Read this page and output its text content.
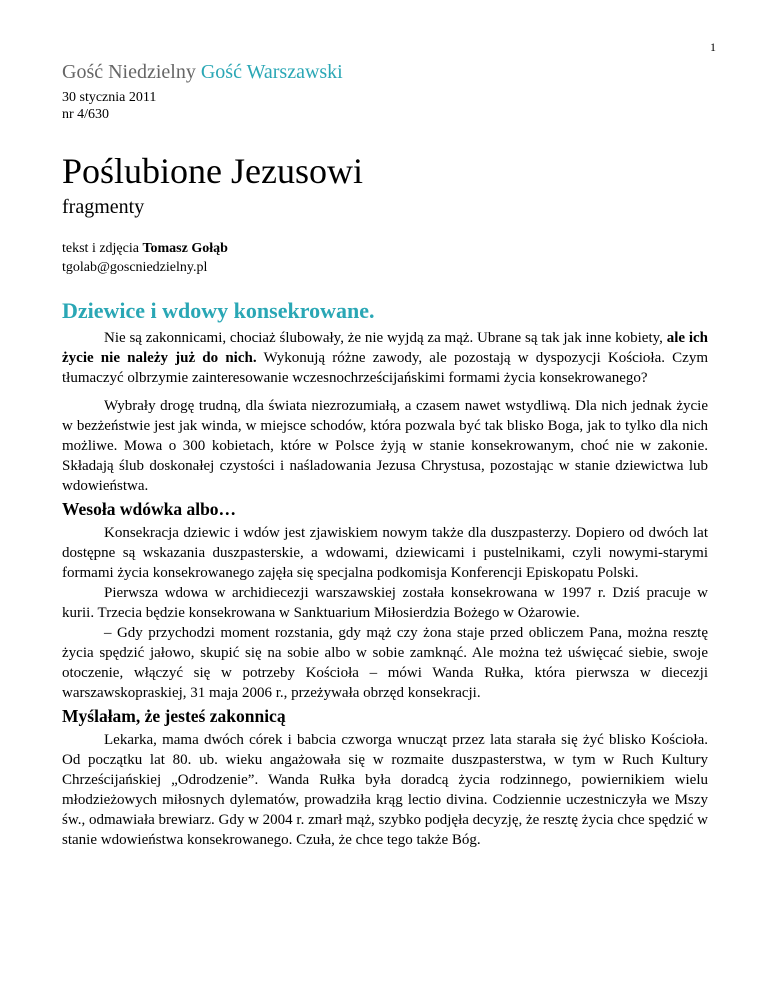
1
Gość Niedzielny Gość Warszawski
30 stycznia 2011
nr 4/630
Poślubione Jezusowi
fragmenty
tekst i zdjęcia Tomasz Gołąb
tgolab@goscniedzielny.pl
Dziewice i wdowy konsekrowane.

Nie są zakonnicami, chociaż ślubowały, że nie wyjdą za mąż. Ubrane są tak jak inne kobiety, ale ich życie nie należy już do nich. Wykonują różne zawody, ale pozostają w dyspozycji Kościoła. Czym tłumaczyć olbrzymie zainteresowanie wczesnochrześcijańskimi formami życia konsekrowanego?

Wybrały drogę trudną, dla świata niezrozumiałą, a czasem nawet wstydliwą. Dla nich jednak życie w bezżeństwie jest jak winda, w miejsce schodów, która pozwala być tak blisko Boga, jak to tylko dla nich możliwe. Mowa o 300 kobietach, które w Polsce żyją w stanie konsekrowanym, choć nie w zakonie. Składają ślub doskonałej czystości i naśladowania Jezusa Chrystusa, pozostając w stanie dziewictwa lub wdowieństwa.

Wesoła wdówka albo…

Konsekracja dziewic i wdów jest zjawiskiem nowym także dla duszpasterzy. Dopiero od dwóch lat dostępne są wskazania duszpasterskie, a wdowami, dziewicami i pustelnikami, czyli nowymi-starymi formami życia konsekrowanego zajęła się specjalna podkomisja Konferencji Episkopatu Polski.

Pierwsza wdowa w archidiecezji warszawskiej została konsekrowana w 1997 r. Dziś pracuje w kurii. Trzecia będzie konsekrowana w Sanktuarium Miłosierdzia Bożego w Ożarowie.

– Gdy przychodzi moment rozstania, gdy mąż czy żona staje przed obliczem Pana, można resztę życia spędzić jałowo, skupić się na sobie albo w sobie zamknąć. Ale można też uświęcać siebie, swoje otoczenie, włączyć się w potrzeby Kościoła – mówi Wanda Rułka, która pierwsza w diecezji warszawskopraskiej, 31 maja 2006 r., przeżywała obrzęd konsekracji.

Myślałam, że jesteś zakonnicą

Lekarka, mama dwóch córek i babcia czworga wnucząt przez lata starała się żyć blisko Kościoła. Od początku lat 80. ub. wieku angażowała się w rozmaite duszpasterstwa, w tym w Ruch Kultury Chrześcijańskiej „Odrodzenie”. Wanda Rułka była doradcą życia rodzinnego, powiernikiem wielu młodzieżowych miłosnych dylematów, prowadziła krąg lectio divina. Codziennie uczestniczyła we Mszy św., odmawiała brewiarz. Gdy w 2004 r. zmarł mąż, szybko podjęła decyzję, że resztę życia chce spędzić w stanie wdowieństwa konsekrowanego. Czuła, że chce tego także Bóg.
